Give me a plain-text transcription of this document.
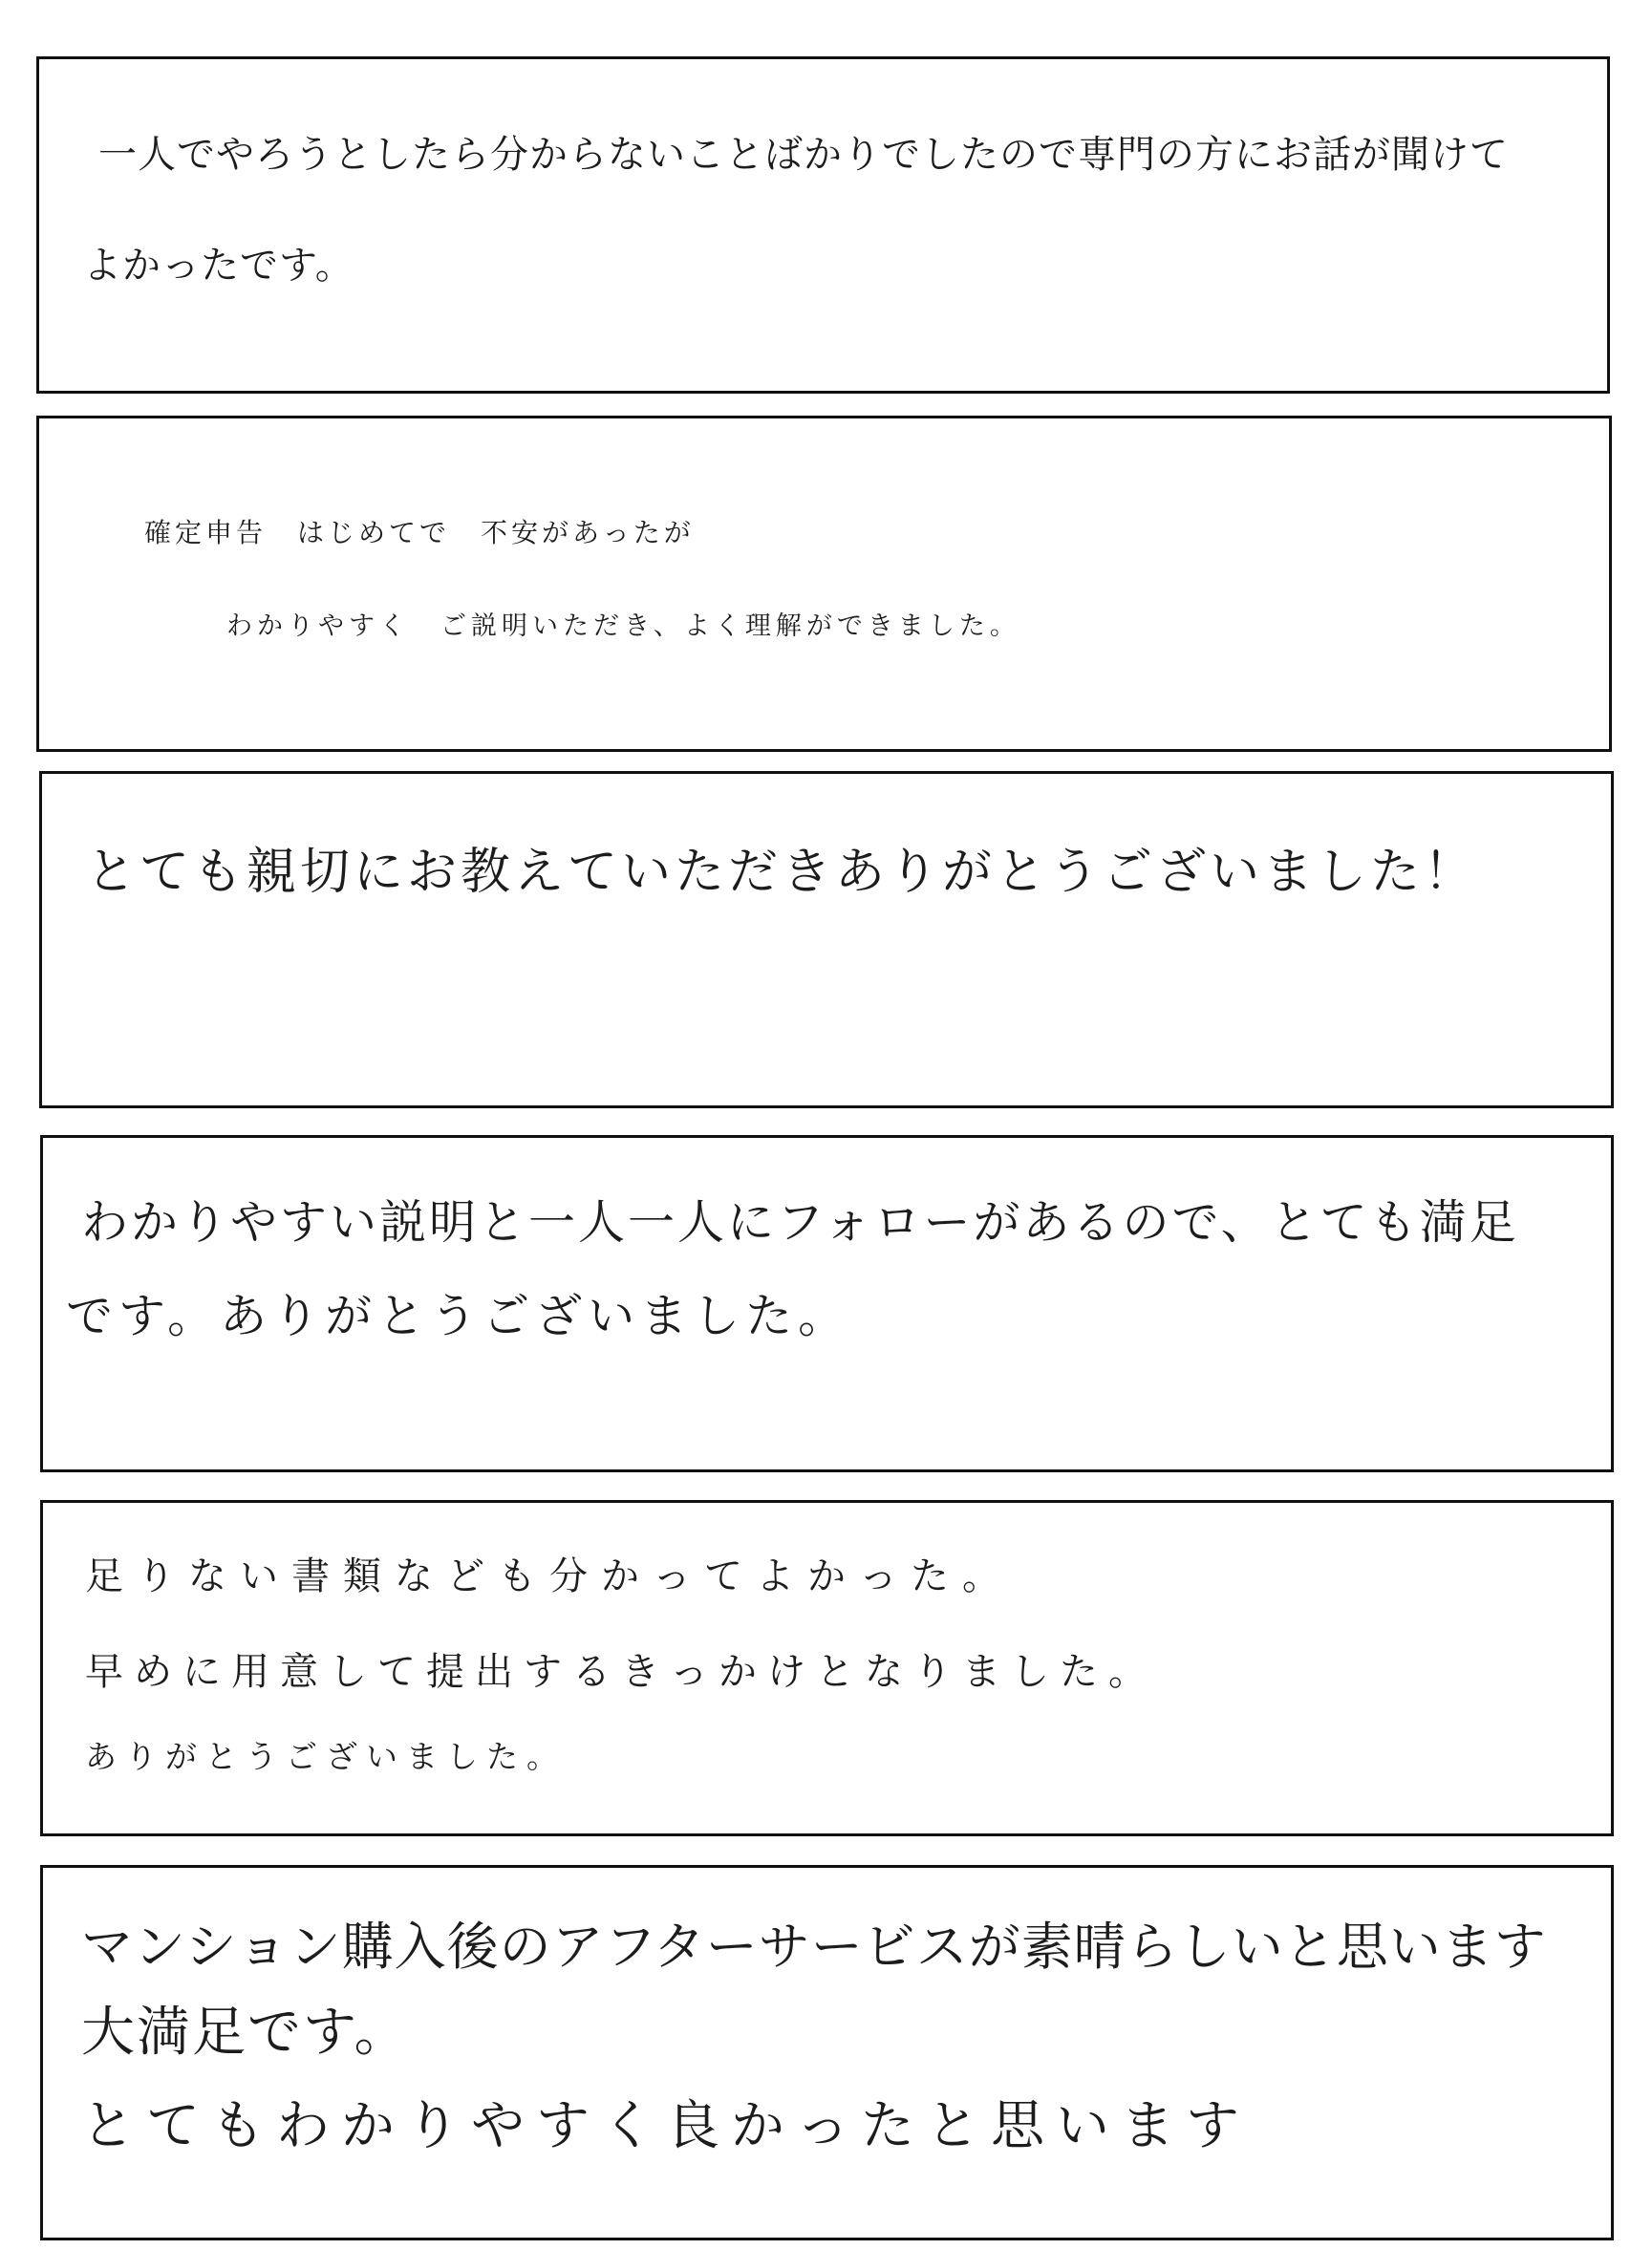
一人でやろうとしたら分からないことばかりでしたので専門の方にお話が聞けて
よかったです。
確定申告　はじめてで　不安があったが
わかりやすく　ご説明いただき、よく理解ができました。
とても親切にお教えていただきありがとうございました！
わかりやすい説明と一人一人にフォローがあるので、とても満足
です。ありがとうございました。
足りない書類なども分かってよかった。
早めに用意して提出するきっかけとなりました。
ありがとうございました。
マンション購入後のアフターサービスが素晴らしいと思います
大満足です。
とてもわかりやすく良かったと思います
